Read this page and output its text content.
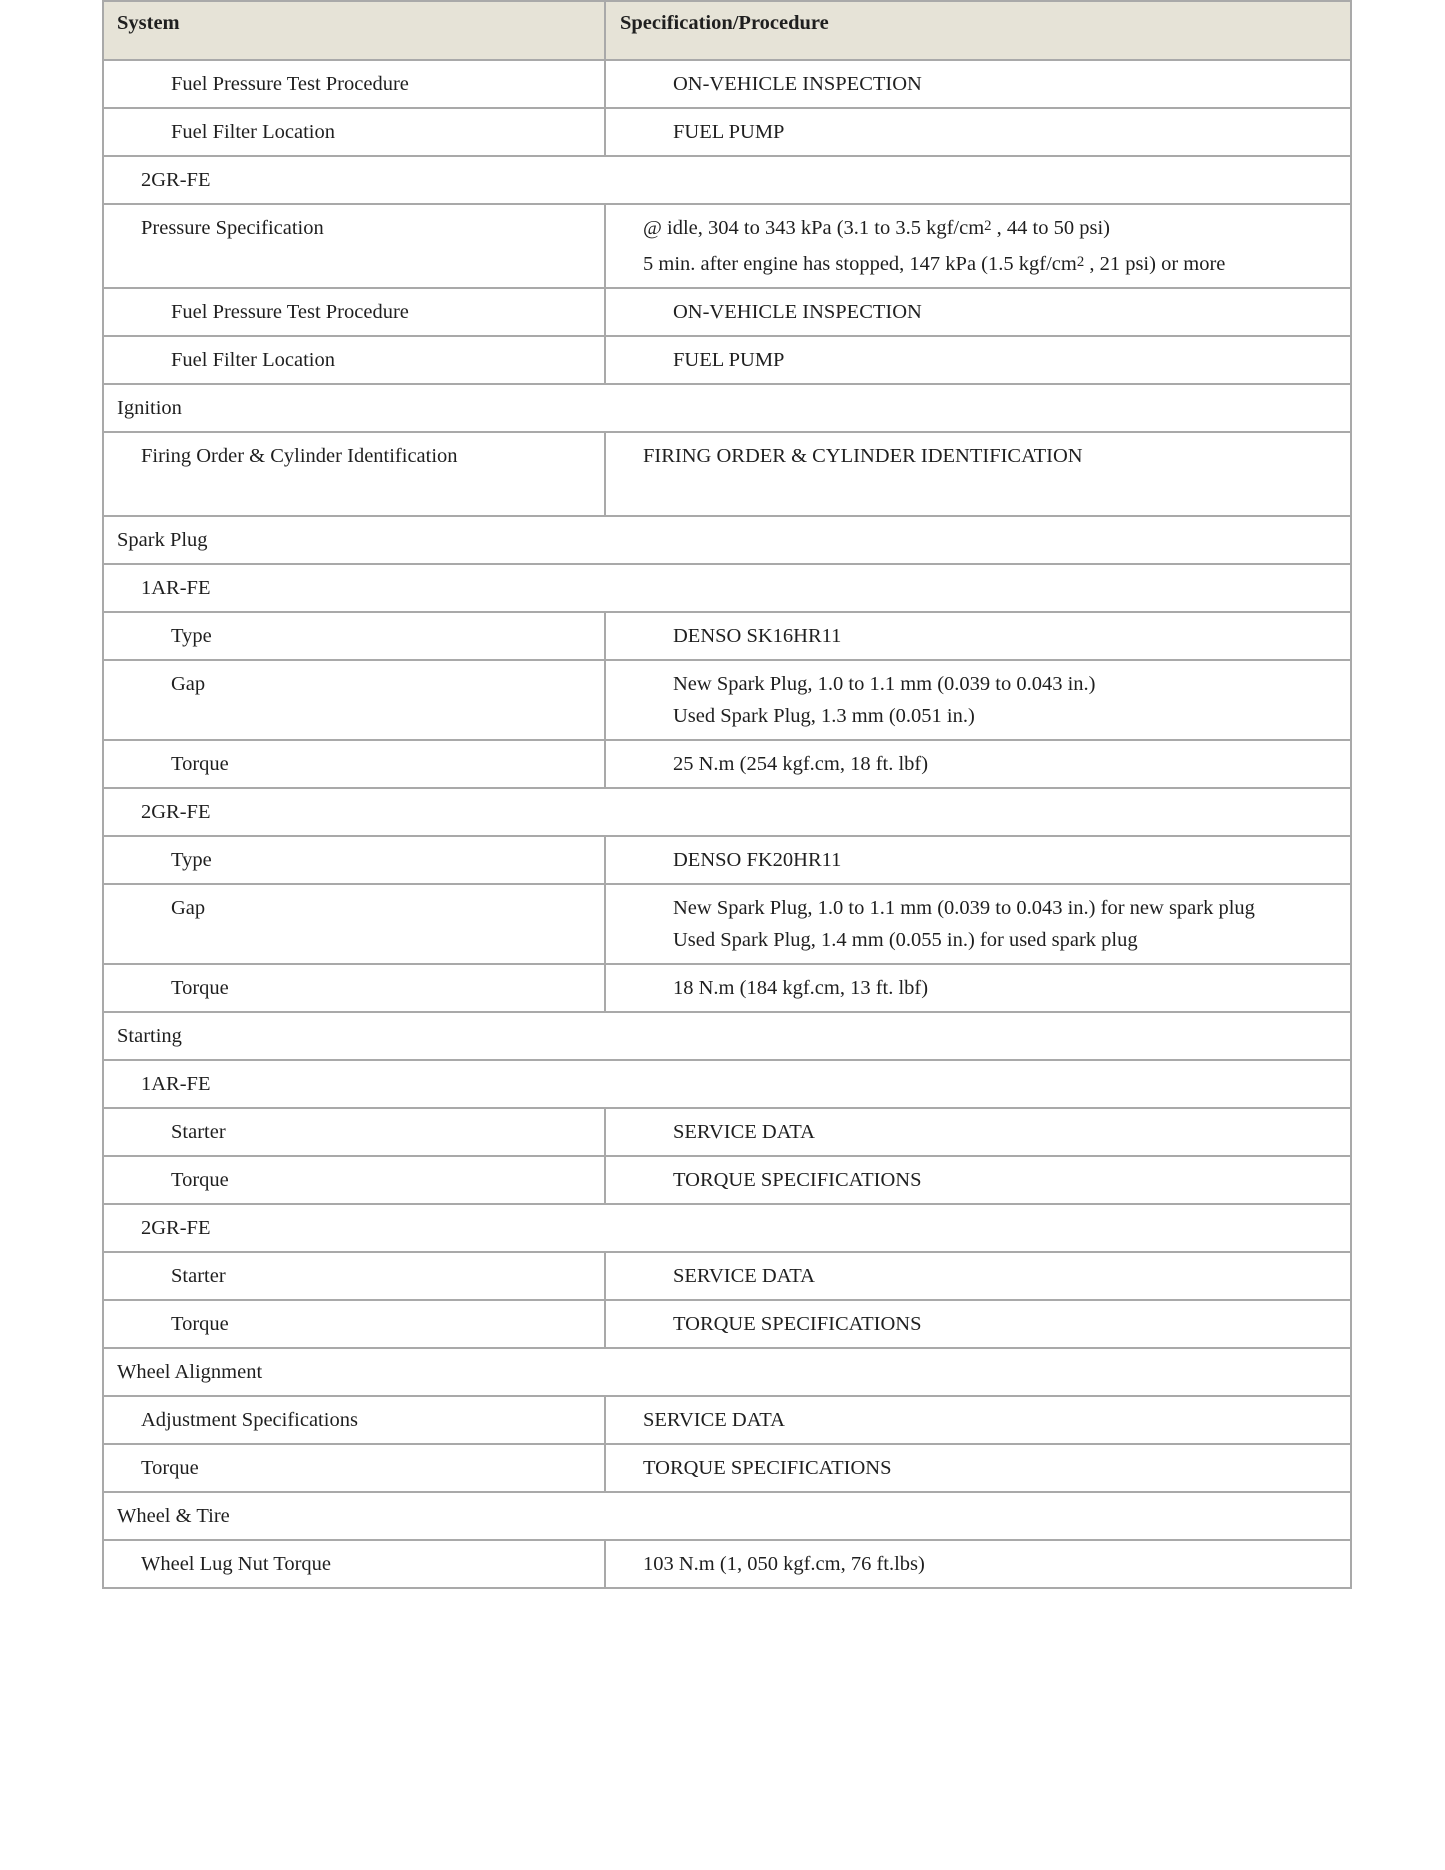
System	Specification/Procedure

Fuel Pressure Test Procedure	ON-VEHICLE INSPECTION

Fuel Filter Location	FUEL PUMP

2GR-FE	

Pressure Specification	@ idle, 304 to 343 kPa (3.1 to 3.5 kgf/$cm^2$ , 44 to 50 psi)
5 min. after engine has stopped, 147 kPa (1.5 kgf/$cm^2$ , 21 psi) or more

Fuel Pressure Test Procedure	ON-VEHICLE INSPECTION

Fuel Filter Location	FUEL PUMP

Ignition	

Firing Order & Cylinder Identification	FIRING ORDER & CYLINDER IDENTIFICATION

Spark Plug	

1AR-FE	

Type	DENSO SK16HR11

Gap	New Spark Plug, 1.0 to 1.1 mm (0.039 to 0.043 in.)
Used Spark Plug, 1.3 mm (0.051 in.)

Torque	25 N.m (254 kgf.cm, 18 ft. lbf)

2GR-FE	

Type	DENSO FK20HR11

Gap	New Spark Plug, 1.0 to 1.1 mm (0.039 to 0.043 in.) for new spark plug
Used Spark Plug, 1.4 mm (0.055 in.) for used spark plug

Torque	18 N.m (184 kgf.cm, 13 ft. lbf)

Starting	

1AR-FE	

Starter	SERVICE DATA

Torque	TORQUE SPECIFICATIONS

2GR-FE	

Starter	SERVICE DATA

Torque	TORQUE SPECIFICATIONS

Wheel Alignment	

Adjustment Specifications	SERVICE DATA

Torque	TORQUE SPECIFICATIONS

Wheel & Tire	

Wheel Lug Nut Torque	103 N.m (1, 050 kgf.cm, 76 ft.lbs)
